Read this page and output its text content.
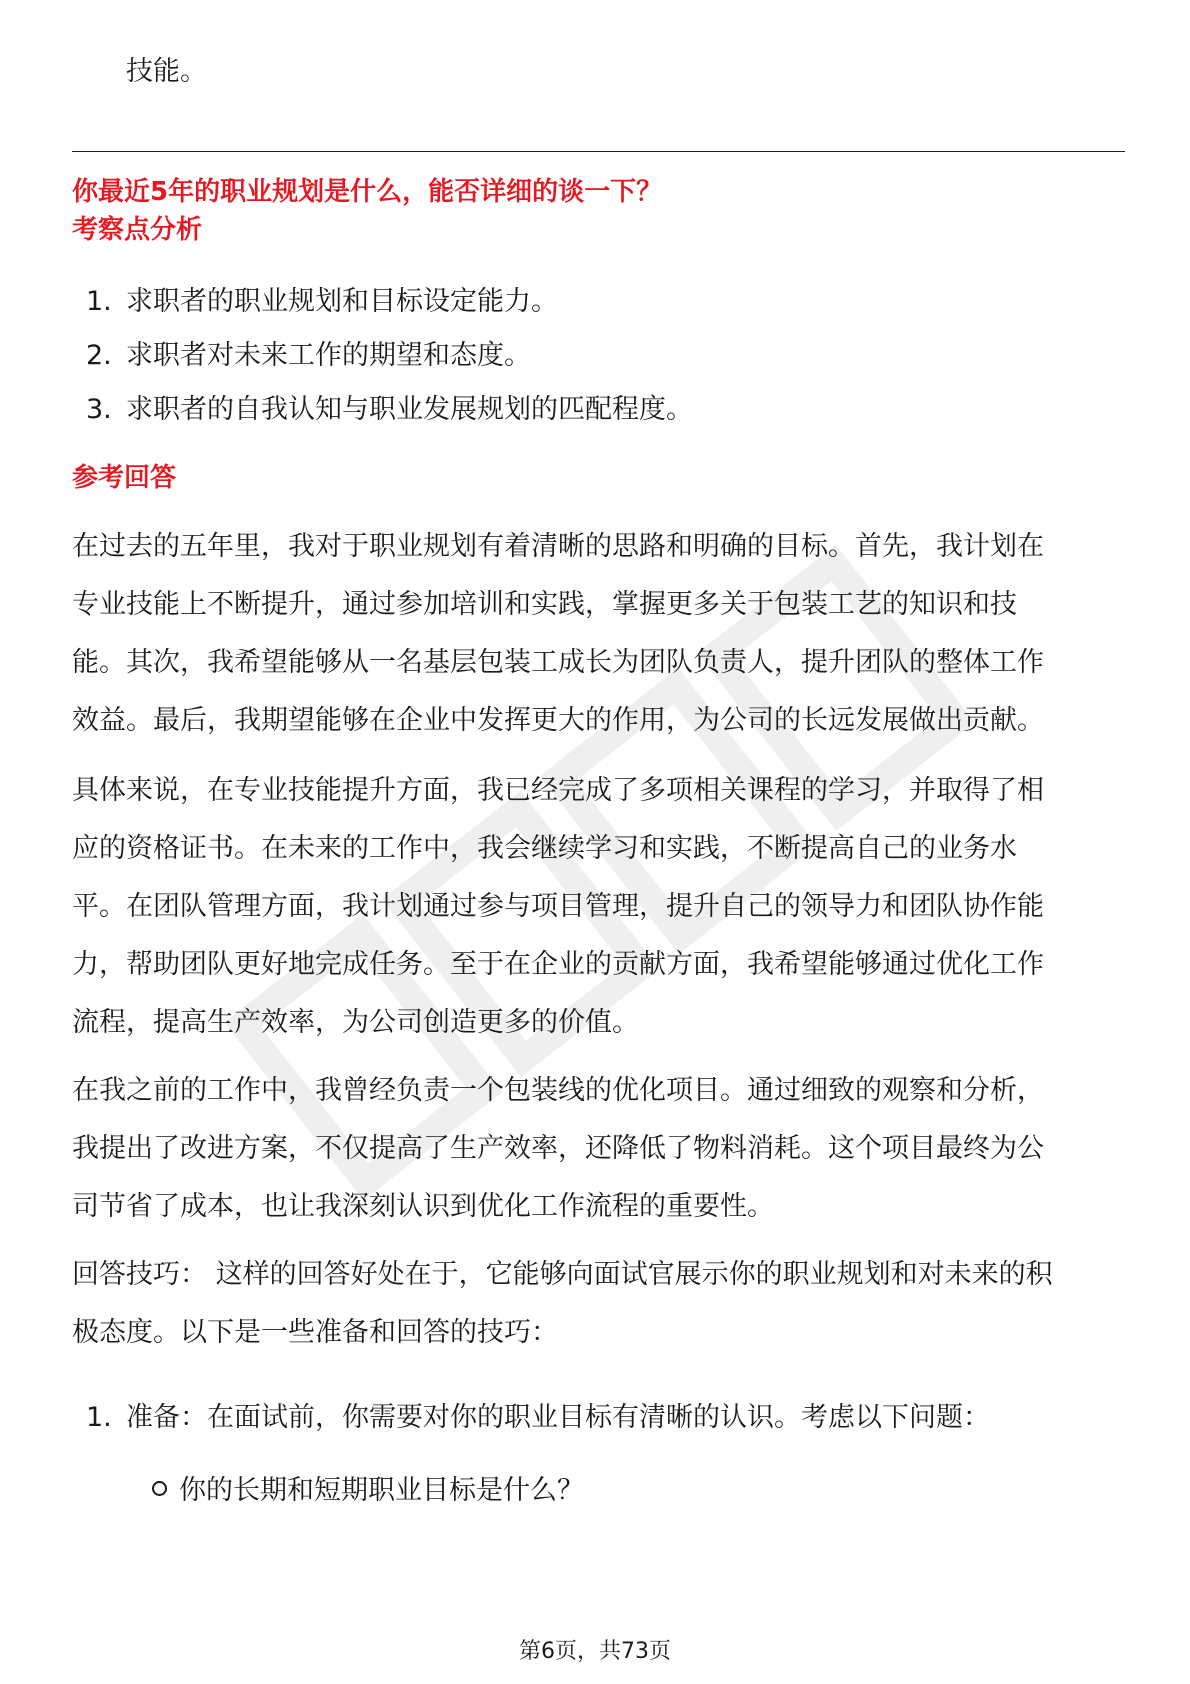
技能。
你最近5年的职业规划是什么，能否详细的谈一下？
考察点分析
1. 求职者的职业规划和目标设定能力。
2. 求职者对未来工作的期望和态度。
3. 求职者的自我认知与职业发展规划的匹配程度。
参考回答

在过去的五年里，我对于职业规划有着清晰的思路和明确的目标。首先，我计划在
专业技能上不断提升，通过参加培训和实践，掌握更多关于包装工艺的知识和技
能。其次，我希望能够从一名基层包装工成长为团队负责人，提升团队的整体工作
效益。最后，我期望能够在企业中发挥更大的作用，为公司的长远发展做出贡献。

具体来说，在专业技能提升方面，我已经完成了多项相关课程的学习，并取得了相
应的资格证书。在未来的工作中，我会继续学习和实践，不断提高自己的业务水
平。在团队管理方面，我计划通过参与项目管理，提升自己的领导力和团队协作能
力，帮助团队更好地完成任务。至于在企业的贡献方面，我希望能够通过优化工作
流程，提高生产效率，为公司创造更多的价值。

在我之前的工作中，我曾经负责一个包装线的优化项目。通过细致的观察和分析，
我提出了改进方案，不仅提高了生产效率，还降低了物料消耗。这个项目最终为公
司节省了成本，也让我深刻认识到优化工作流程的重要性。

回答技巧： 这样的回答好处在于，它能够向面试官展示你的职业规划和对未来的积
极态度。以下是一些准备和回答的技巧：

1. 准备：在面试前，你需要对你的职业目标有清晰的认识。考虑以下问题：
你的长期和短期职业目标是什么？
第6页，共73页
